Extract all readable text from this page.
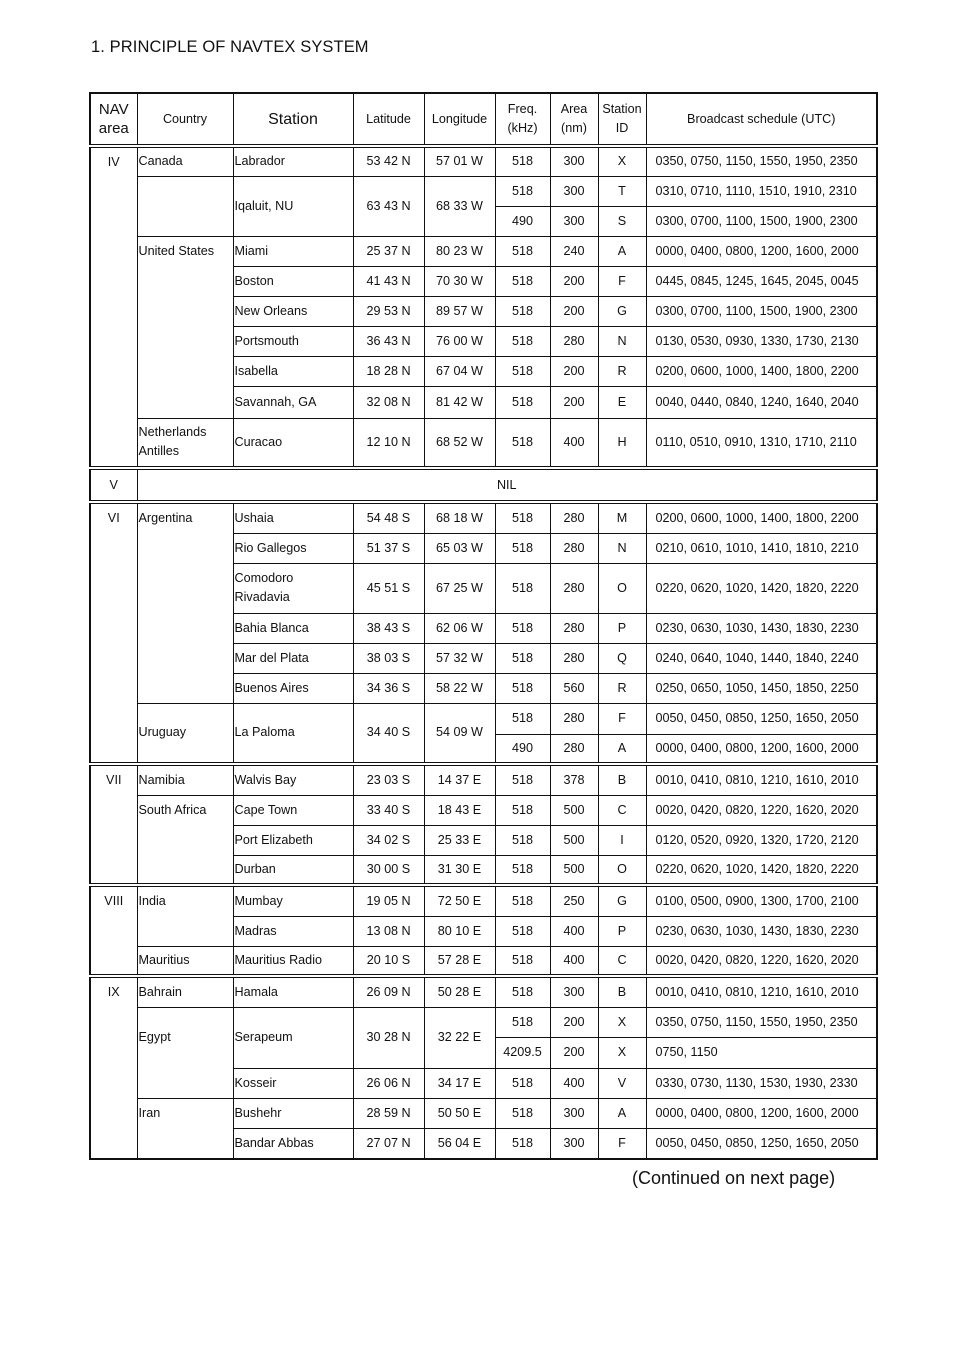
1. PRINCIPLE OF NAVTEX SYSTEM
NAV area	Country	Station	Latitude	Longitude	Freq. (kHz)	Area (nm)	Station ID	Broadcast schedule (UTC)
IV	Canada	Labrador	53 42 N	57 01 W	518	300	X	0350, 0750, 1150, 1550, 1950, 2350
		Iqaluit, NU	63 43 N	68 33 W	518	300	T	0310, 0710, 1110, 1510, 1910, 2310
					490	300	S	0300, 0700, 1100, 1500, 1900, 2300
	United States	Miami	25 37 N	80 23 W	518	240	A	0000, 0400, 0800, 1200, 1600, 2000
		Boston	41 43 N	70 30 W	518	200	F	0445, 0845, 1245, 1645, 2045, 0045
		New Orleans	29 53 N	89 57 W	518	200	G	0300, 0700, 1100, 1500, 1900, 2300
		Portsmouth	36 43 N	76 00 W	518	280	N	0130, 0530, 0930, 1330, 1730, 2130
		Isabella	18 28 N	67 04 W	518	200	R	0200, 0600, 1000, 1400, 1800, 2200
		Savannah, GA	32 08 N	81 42 W	518	200	E	0040, 0440, 0840, 1240, 1640, 2040
	Netherlands Antilles	Curacao	12 10 N	68 52 W	518	400	H	0110, 0510, 0910, 1310, 1710, 2110
V	NIL							
VI	Argentina	Ushaia	54 48 S	68 18 W	518	280	M	0200, 0600, 1000, 1400, 1800, 2200
		Rio Gallegos	51 37 S	65 03 W	518	280	N	0210, 0610, 1010, 1410, 1810, 2210
		Comodoro Rivadavia	45 51 S	67 25 W	518	280	O	0220, 0620, 1020, 1420, 1820, 2220
		Bahia Blanca	38 43 S	62 06 W	518	280	P	0230, 0630, 1030, 1430, 1830, 2230
		Mar del Plata	38 03 S	57 32 W	518	280	Q	0240, 0640, 1040, 1440, 1840, 2240
		Buenos Aires	34 36 S	58 22 W	518	560	R	0250, 0650, 1050, 1450, 1850, 2250
	Uruguay	La Paloma	34 40 S	54 09 W	518	280	F	0050, 0450, 0850, 1250, 1650, 2050
					490	280	A	0000, 0400, 0800, 1200, 1600, 2000
VII	Namibia	Walvis Bay	23 03 S	14 37 E	518	378	B	0010, 0410, 0810, 1210, 1610, 2010
	South Africa	Cape Town	33 40 S	18 43 E	518	500	C	0020, 0420, 0820, 1220, 1620, 2020
		Port Elizabeth	34 02 S	25 33 E	518	500	I	0120, 0520, 0920, 1320, 1720, 2120
		Durban	30 00 S	31 30 E	518	500	O	0220, 0620, 1020, 1420, 1820, 2220
VIII	India	Mumbay	19 05 N	72 50 E	518	250	G	0100, 0500, 0900, 1300, 1700, 2100
		Madras	13 08 N	80 10 E	518	400	P	0230, 0630, 1030, 1430, 1830, 2230
	Mauritius	Mauritius Radio	20 10 S	57 28 E	518	400	C	0020, 0420, 0820, 1220, 1620, 2020
IX	Bahrain	Hamala	26 09 N	50 28 E	518	300	B	0010, 0410, 0810, 1210, 1610, 2010
	Egypt	Serapeum	30 28 N	32 22 E	518	200	X	0350, 0750, 1150, 1550, 1950, 2350
					4209.5	200	X	0750, 1150
		Kosseir	26 06 N	34 17 E	518	400	V	0330, 0730, 1130, 1530, 1930, 2330
	Iran	Bushehr	28 59 N	50 50 E	518	300	A	0000, 0400, 0800, 1200, 1600, 2000
		Bandar Abbas	27 07 N	56 04 E	518	300	F	0050, 0450, 0850, 1250, 1650, 2050
(Continued on next page)
